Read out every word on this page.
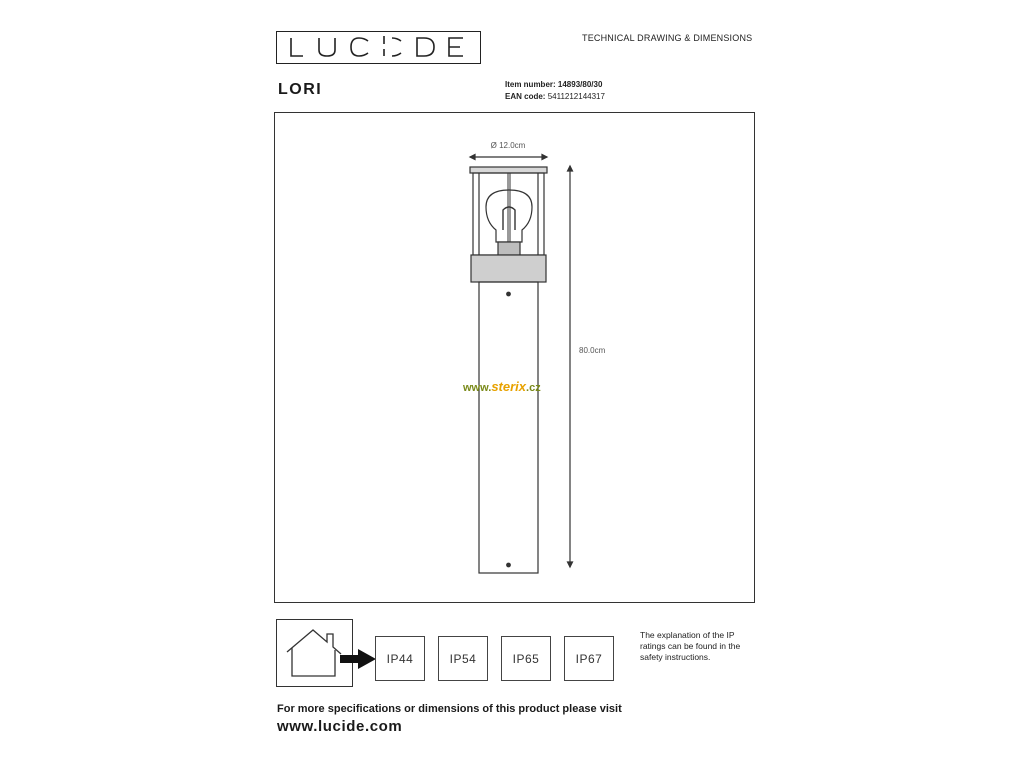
TECHNICAL DRAWING & DIMENSIONS
LORI	Item number: 14893/80/30
EAN code: 5411212144317
Ø 12.0cm
80.0cm
www.sterix.cz
IP44	IP54	IP65	IP67
The explanation of the IP ratings can be found in the safety instructions.
For more specifications or dimensions of this product please visit
www.lucide.com
